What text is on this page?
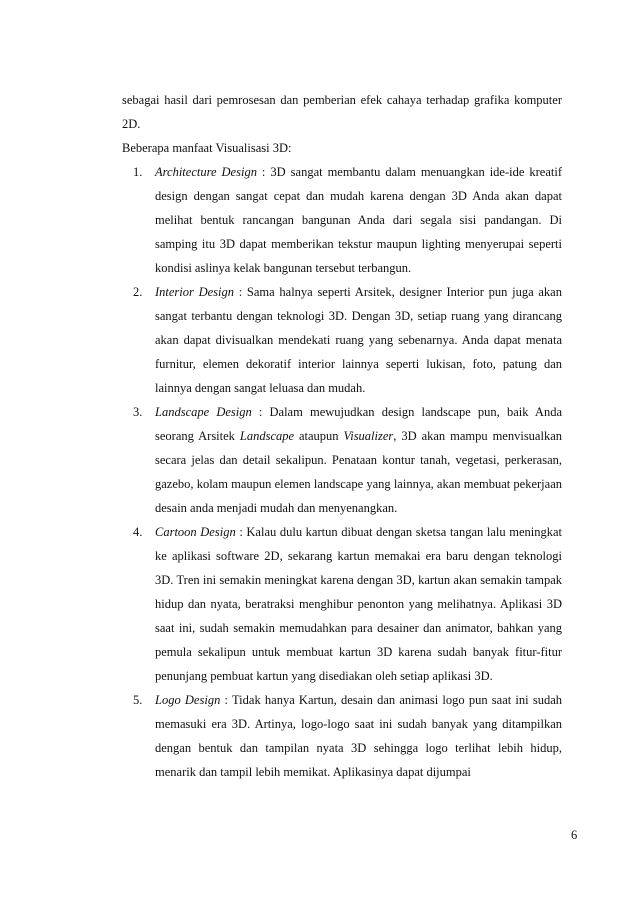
sebagai hasil dari pemrosesan dan pemberian efek cahaya terhadap grafika komputer 2D.

Beberapa manfaat Visualisasi 3D:

1. Architecture Design : 3D sangat membantu dalam menuangkan ide-ide kreatif design dengan sangat cepat dan mudah karena dengan 3D Anda akan dapat melihat bentuk rancangan bangunan Anda dari segala sisi pandangan. Di samping itu 3D dapat memberikan tekstur maupun lighting menyerupai seperti kondisi aslinya kelak bangunan tersebut terbangun.
2. Interior Design : Sama halnya seperti Arsitek, designer Interior pun juga akan sangat terbantu dengan teknologi 3D. Dengan 3D, setiap ruang yang dirancang akan dapat divisualkan mendekati ruang yang sebenarnya. Anda dapat menata furnitur, elemen dekoratif interior lainnya seperti lukisan, foto, patung dan lainnya dengan sangat leluasa dan mudah.
3. Landscape Design : Dalam mewujudkan design landscape pun, baik Anda seorang Arsitek Landscape ataupun Visualizer, 3D akan mampu menvisualkan secara jelas dan detail sekalipun. Penataan kontur tanah, vegetasi, perkerasan, gazebo, kolam maupun elemen landscape yang lainnya, akan membuat pekerjaan desain anda menjadi mudah dan menyenangkan.
4. Cartoon Design : Kalau dulu kartun dibuat dengan sketsa tangan lalu meningkat ke aplikasi software 2D, sekarang kartun memakai era baru dengan teknologi 3D. Tren ini semakin meningkat karena dengan 3D, kartun akan semakin tampak hidup dan nyata, beratraksi menghibur penonton yang melihatnya. Aplikasi 3D saat ini, sudah semakin memudahkan para desainer dan animator, bahkan yang pemula sekalipun untuk membuat kartun 3D karena sudah banyak fitur-fitur penunjang pembuat kartun yang disediakan oleh setiap aplikasi 3D.
5. Logo Design : Tidak hanya Kartun, desain dan animasi logo pun saat ini sudah memasuki era 3D. Artinya, logo-logo saat ini sudah banyak yang ditampilkan dengan bentuk dan tampilan nyata 3D sehingga logo terlihat lebih hidup, menarik dan tampil lebih memikat. Aplikasinya dapat dijumpai
6
